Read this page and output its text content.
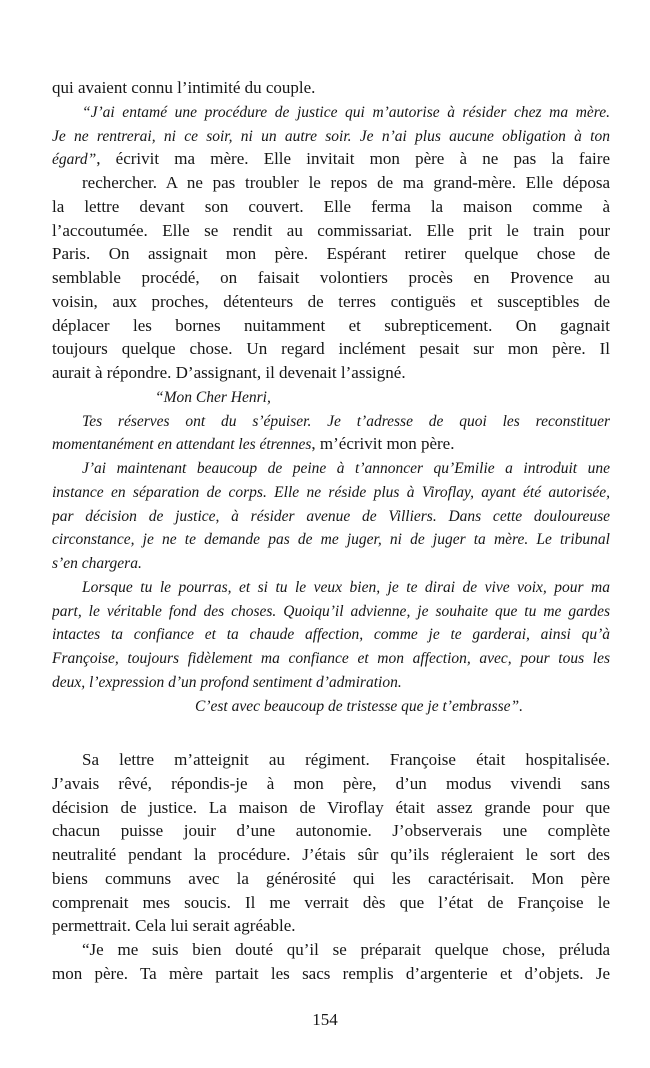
qui avaient connu l’intimité du couple.
“J’ai entamé une procédure de justice qui m’autorise à résider chez ma mère.
Je ne rentrerai, ni ce soir, ni un autre soir. Je n’ai plus aucune obligation à ton
égard”, écrivit ma mère. Elle invitait mon père à ne pas la faire
rechercher. A ne pas troubler le repos de ma grand-mère. Elle déposa
la lettre devant son couvert. Elle ferma la maison comme à
l’accoutumée. Elle se rendit au commissariat. Elle prit le train pour
Paris. On assignait mon père. Espérant retirer quelque chose de
semblable procédé, on faisait volontiers procès en Provence au
voisin, aux proches, détenteurs de terres contiguës et susceptibles de
déplacer les bornes nuitamment et subrepticement. On gagnait
toujours quelque chose. Un regard inclément pesait sur mon père. Il
aurait à répondre. D’assignant, il devenait l’assigné.
“Mon Cher Henri,
Tes réserves ont du s’épuiser. Je t’adresse de quoi les reconstituer
momentanément en attendant les étrennes, m’écrivit mon père.
J’ai maintenant beaucoup de peine à t’annoncer qu’Emilie a introduit une
instance en séparation de corps. Elle ne réside plus à Viroflay, ayant été autorisée,
par décision de justice, à résider avenue de Villiers. Dans cette douloureuse
circonstance, je ne te demande pas de me juger, ni de juger ta mère. Le tribunal
s’en chargera.
Lorsque tu le pourras, et si tu le veux bien, je te dirai de vive voix, pour ma
part, le véritable fond des choses. Quoiqu’il advienne, je souhaite que tu me gardes
intactes ta confiance et ta chaude affection, comme je te garderai, ainsi qu’à
Françoise, toujours fidèlement ma confiance et mon affection, avec, pour tous les
deux, l’expression d’un profond sentiment d’admiration.
C’est avec beaucoup de tristesse que je t’embrasse”.
Sa lettre m’atteignit au régiment. Françoise était hospitalisée.
J’avais rêvé, répondis-je à mon père, d’un modus vivendi sans
décision de justice. La maison de Viroflay était assez grande pour que
chacun puisse jouir d’une autonomie. J’observerais une complète
neutralité pendant la procédure. J’étais sûr qu’ils régleraient le sort des
biens communs avec la générosité qui les caractérisait. Mon père
comprenait mes soucis. Il me verrait dès que l’état de Françoise le
permettrait. Cela lui serait agréable.
“Je me suis bien douté qu’il se préparait quelque chose, préluda
mon père. Ta mère partait les sacs remplis d’argenterie et d’objets. Je
154
